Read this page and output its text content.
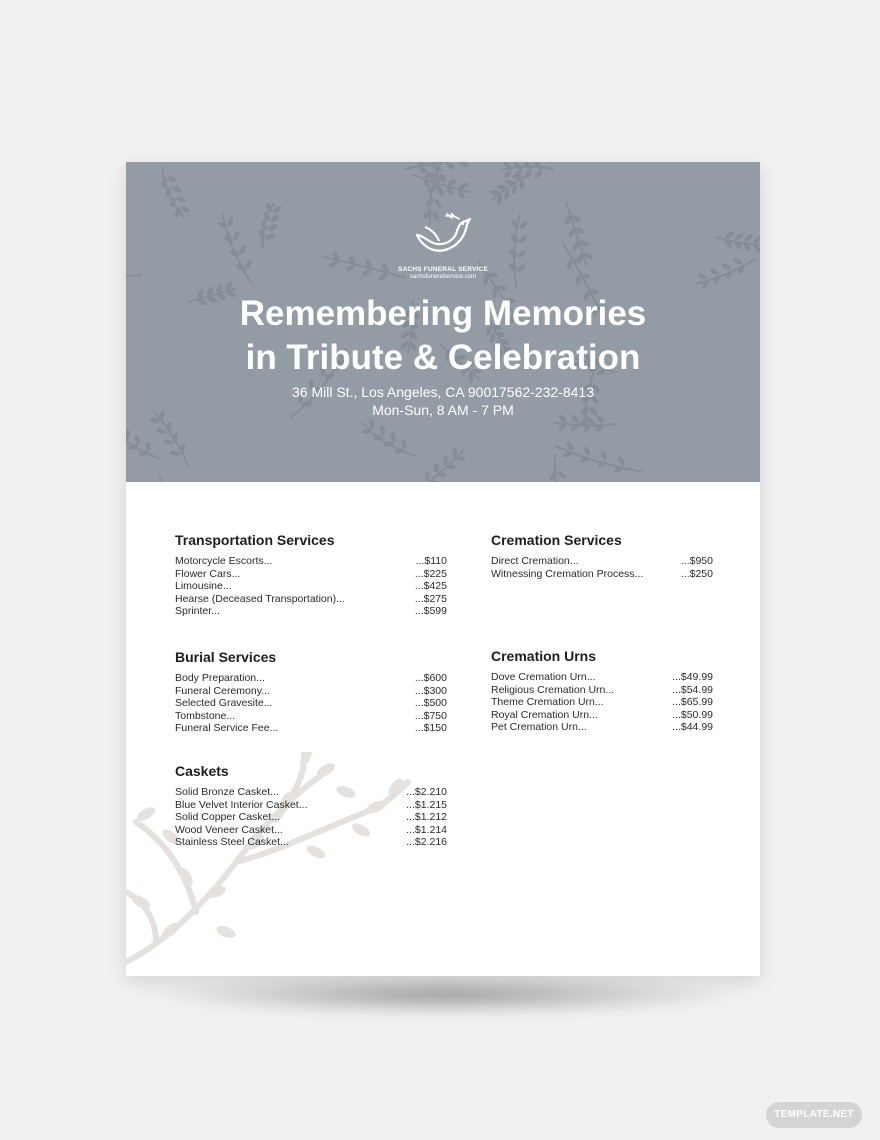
SACHS FUNERAL SERVICE
sachsfuneralservice.com
Remembering Memories
in Tribute & Celebration
36 Mill St., Los Angeles, CA 90017562-232-8413
Mon-Sun, 8 AM - 7 PM
Transportation Services
Motorcycle Escorts...	...$110
Flower Cars...	...$225
Limousine...	...$425
Hearse (Deceased Transportation)...	...$275
Sprinter...	...$599
Cremation Services
Direct Cremation...	...$950
Witnessing Cremation Process...	...$250
Burial Services
Body Preparation...	...$600
Funeral Ceremony...	...$300
Selected Gravesite...	...$500
Tombstone...	...$750
Funeral Service Fee...	...$150
Cremation Urns
Dove Cremation Urn...	...$49.99
Religious Cremation Urn...	...$54.99
Theme Cremation Urn...	...$65.99
Royal Cremation Urn...	...$50.99
Pet Cremation Urn...	...$44.99
Caskets
Solid Bronze Casket...	...$2.210
Blue Velvet Interior Casket...	...$1.215
Solid Copper Casket...	...$1.212
Wood Veneer Casket...	...$1.214
Stainless Steel Casket...	...$2.216
TEMPLATE.NET
